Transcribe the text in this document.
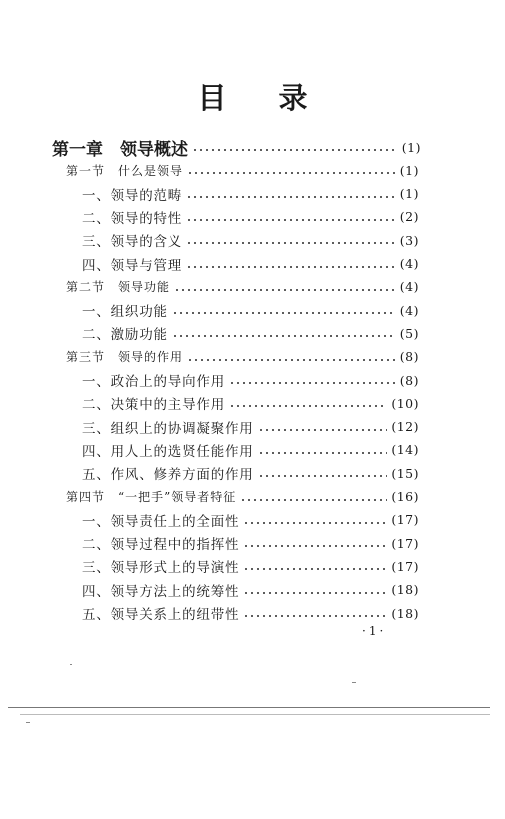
目录
第一章　领导概述	(1)
第一节　什么是领导	(1)
一、领导的范畴	(1)
二、领导的特性	(2)
三、领导的含义	(3)
四、领导与管理	(4)
第二节　领导功能	(4)
一、组织功能	(4)
二、激励功能	(5)
第三节　领导的作用	(8)
一、政治上的导向作用	(8)
二、决策中的主导作用	(10)
三、组织上的协调凝聚作用	(12)
四、用人上的选贤任能作用	(14)
五、作风、修养方面的作用	(15)
第四节　“一把手”领导者特征	(16)
一、领导责任上的全面性	(17)
二、领导过程中的指挥性	(17)
三、领导形式上的导演性	(17)
四、领导方法上的统筹性	(18)
五、领导关系上的纽带性	(18)
·1·
